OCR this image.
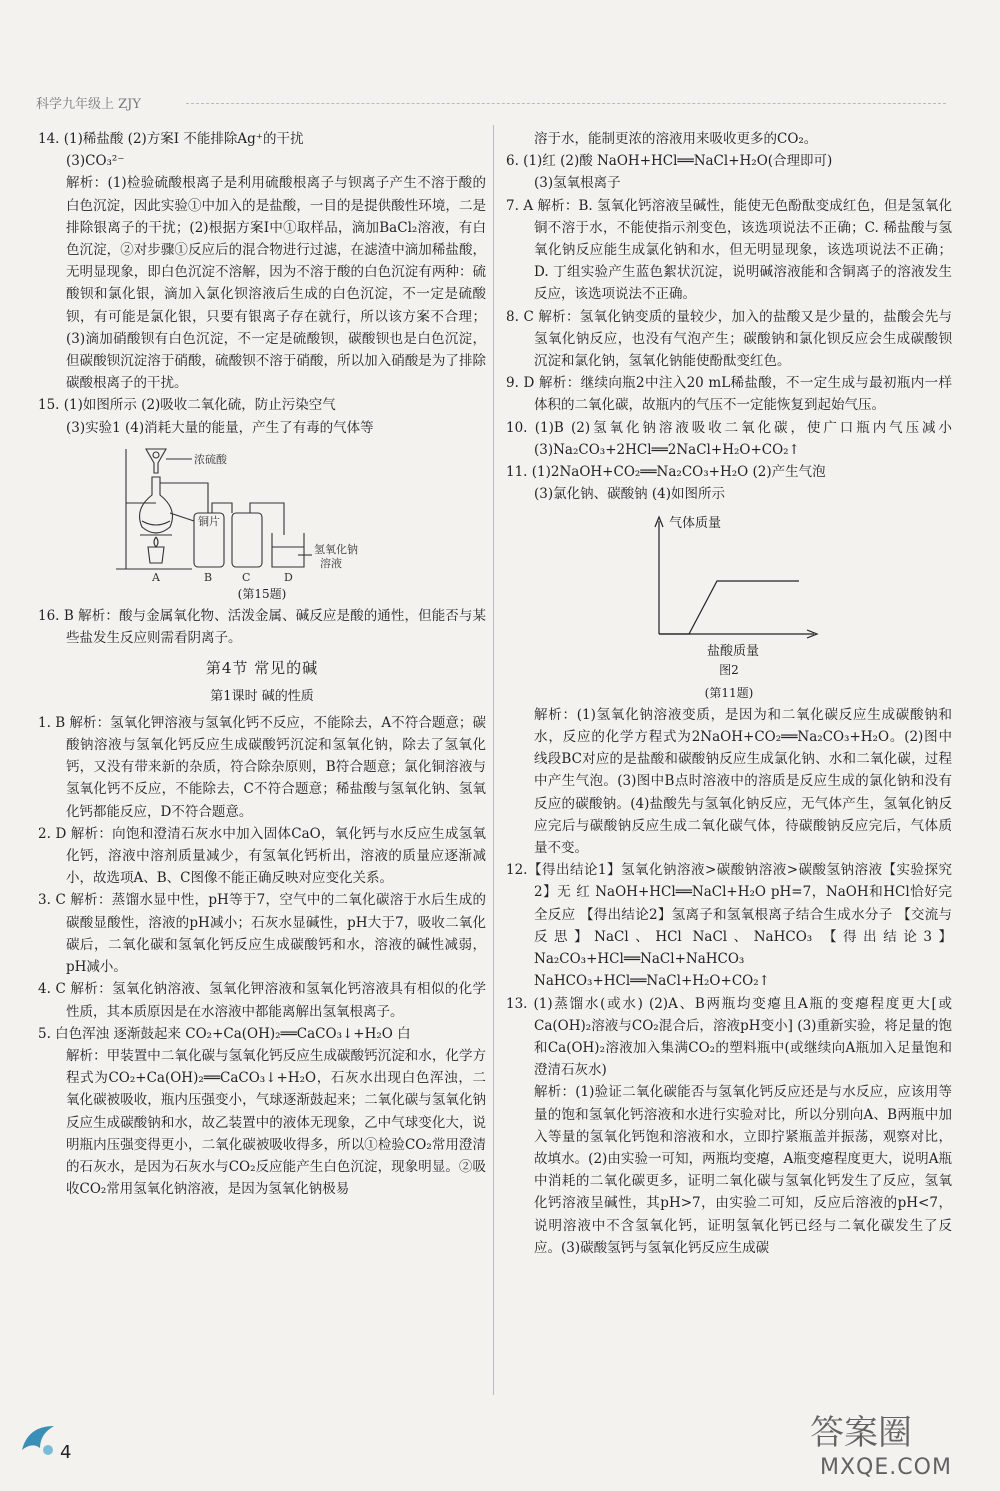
科学九年级上 ZJY

14. (1)稀盐酸 (2)方案Ⅰ 不能排除Ag⁺的干扰

(3)CO₃²⁻

解析：(1)检验硫酸根离子是利用硫酸根离子与钡离子产生不溶于酸的白色沉淀，因此实验①中加入的是盐酸，一目的是提供酸性环境，二是排除银离子的干扰；(2)根据方案Ⅰ中①取样品，滴加BaCl₂溶液，有白色沉淀，②对步骤①反应后的混合物进行过滤，在滤渣中滴加稀盐酸，无明显现象，即白色沉淀不溶解，因为不溶于酸的白色沉淀有两种：硫酸钡和氯化银，滴加入氯化钡溶液后生成的白色沉淀，不一定是硫酸钡，有可能是氯化银，只要有银离子存在就行，所以该方案不合理；(3)滴加硝酸钡有白色沉淀，不一定是硫酸钡，碳酸钡也是白色沉淀，但碳酸钡沉淀溶于硝酸，硫酸钡不溶于硝酸，所以加入硝酸是为了排除碳酸根离子的干扰。

15. (1)如图所示 (2)吸收二氧化硫，防止污染空气

(3)实验1 (4)消耗大量的能量，产生了有毒的气体等

浓硫酸
铜片
氢氧化钠
溶液
A	B	C	D

(第15题)

16. B 解析：酸与金属氧化物、活泼金属、碱反应是酸的通性，但能否与某些盐发生反应则需看阴离子。

第4节 常见的碱

第1课时 碱的性质

1. B 解析：氢氧化钾溶液与氢氧化钙不反应，不能除去，A不符合题意；碳酸钠溶液与氢氧化钙反应生成碳酸钙沉淀和氢氧化钠，除去了氢氧化钙，又没有带来新的杂质，符合除杂原则，B符合题意；氯化铜溶液与氢氧化钙不反应，不能除去，C不符合题意；稀盐酸与氢氧化钠、氢氧化钙都能反应，D不符合题意。

2. D 解析：向饱和澄清石灰水中加入固体CaO，氧化钙与水反应生成氢氧化钙，溶液中溶剂质量减少，有氢氧化钙析出，溶液的质量应逐渐减小，故选项A、B、C图像不能正确反映对应变化关系。

3. C 解析：蒸馏水显中性，pH等于7，空气中的二氧化碳溶于水后生成的碳酸显酸性，溶液的pH减小；石灰水显碱性，pH大于7，吸收二氧化碳后，二氧化碳和氢氧化钙反应生成碳酸钙和水，溶液的碱性减弱，pH减小。

4. C 解析：氢氧化钠溶液、氢氧化钾溶液和氢氧化钙溶液具有相似的化学性质，其本质原因是在水溶液中都能离解出氢氧根离子。

5. 白色浑浊 逐渐鼓起来 CO₂+Ca(OH)₂══CaCO₃↓+H₂O 白

解析：甲装置中二氧化碳与氢氧化钙反应生成碳酸钙沉淀和水，化学方程式为CO₂+Ca(OH)₂══CaCO₃↓+H₂O，石灰水出现白色浑浊，二氧化碳被吸收，瓶内压强变小，气球逐渐鼓起来；二氧化碳与氢氧化钠反应生成碳酸钠和水，故乙装置中的液体无现象，乙中气球变化大，说明瓶内压强变得更小，二氧化碳被吸收得多，所以①检验CO₂常用澄清的石灰水，是因为石灰水与CO₂反应能产生白色沉淀，现象明显。②吸收CO₂常用氢氧化钠溶液，是因为氢氧化钠极易

溶于水，能制更浓的溶液用来吸收更多的CO₂。

6. (1)红 (2)酸 NaOH+HCl══NaCl+H₂O(合理即可)

(3)氢氧根离子

7. A 解析：B. 氢氧化钙溶液呈碱性，能使无色酚酞变成红色，但是氢氧化铜不溶于水，不能使指示剂变色，该选项说法不正确；C. 稀盐酸与氢氧化钠反应能生成氯化钠和水，但无明显现象，该选项说法不正确；D. 丁组实验产生蓝色絮状沉淀，说明碱溶液能和含铜离子的溶液发生反应，该选项说法不正确。

8. C 解析：氢氧化钠变质的量较少，加入的盐酸又是少量的，盐酸会先与氢氧化钠反应，也没有气泡产生；碳酸钠和氯化钡反应会生成碳酸钡沉淀和氯化钠，氢氧化钠能使酚酞变红色。

9. D 解析：继续向瓶2中注入20 mL稀盐酸，不一定生成与最初瓶内一样体积的二氧化碳，故瓶内的气压不一定能恢复到起始气压。

10. (1)B (2)氢氧化钠溶液吸收二氧化碳，使广口瓶内气压减小 (3)Na₂CO₃+2HCl══2NaCl+H₂O+CO₂↑

11. (1)2NaOH+CO₂══Na₂CO₃+H₂O (2)产生气泡

(3)氯化钠、碳酸钠 (4)如图所示

气体质量
盐酸质量

图2

(第11题)

解析：(1)氢氧化钠溶液变质，是因为和二氧化碳反应生成碳酸钠和水，反应的化学方程式为2NaOH+CO₂══Na₂CO₃+H₂O。(2)图中线段BC对应的是盐酸和碳酸钠反应生成氯化钠、水和二氧化碳，过程中产生气泡。(3)图中B点时溶液中的溶质是反应生成的氯化钠和没有反应的碳酸钠。(4)盐酸先与氢氧化钠反应，无气体产生，氢氧化钠反应完后与碳酸钠反应生成二氧化碳气体，待碳酸钠反应完后，气体质量不变。

12.【得出结论1】氢氧化钠溶液>碳酸钠溶液>碳酸氢钠溶液【实验探究2】无 红 NaOH+HCl══NaCl+H₂O pH=7，NaOH和HCl恰好完全反应 【得出结论2】氢离子和氢氧根离子结合生成水分子 【交流与反思】NaCl、HCl NaCl、NaHCO₃ 【得出结论3】Na₂CO₃+HCl══NaCl+NaHCO₃ NaHCO₃+HCl══NaCl+H₂O+CO₂↑

13. (1)蒸馏水(或水) (2)A、B两瓶均变瘪且A瓶的变瘪程度更大[或Ca(OH)₂溶液与CO₂混合后，溶液pH变小] (3)重新实验，将足量的饱和Ca(OH)₂溶液加入集满CO₂的塑料瓶中(或继续向A瓶加入足量饱和澄清石灰水)

解析：(1)验证二氧化碳能否与氢氧化钙反应还是与水反应，应该用等量的饱和氢氧化钙溶液和水进行实验对比，所以分别向A、B两瓶中加入等量的氢氧化钙饱和溶液和水，立即拧紧瓶盖并振荡，观察对比，故填水。(2)由实验一可知，两瓶均变瘪，A瓶变瘪程度更大，说明A瓶中消耗的二氧化碳更多，证明二氧化碳与氢氧化钙发生了反应，氢氧化钙溶液呈碱性，其pH>7，由实验二可知，反应后溶液的pH<7，说明溶液中不含氢氧化钙，证明氢氧化钙已经与二氧化碳发生了反应。(3)碳酸氢钙与氢氧化钙反应生成碳

4	答案圈
MXQE.COM
